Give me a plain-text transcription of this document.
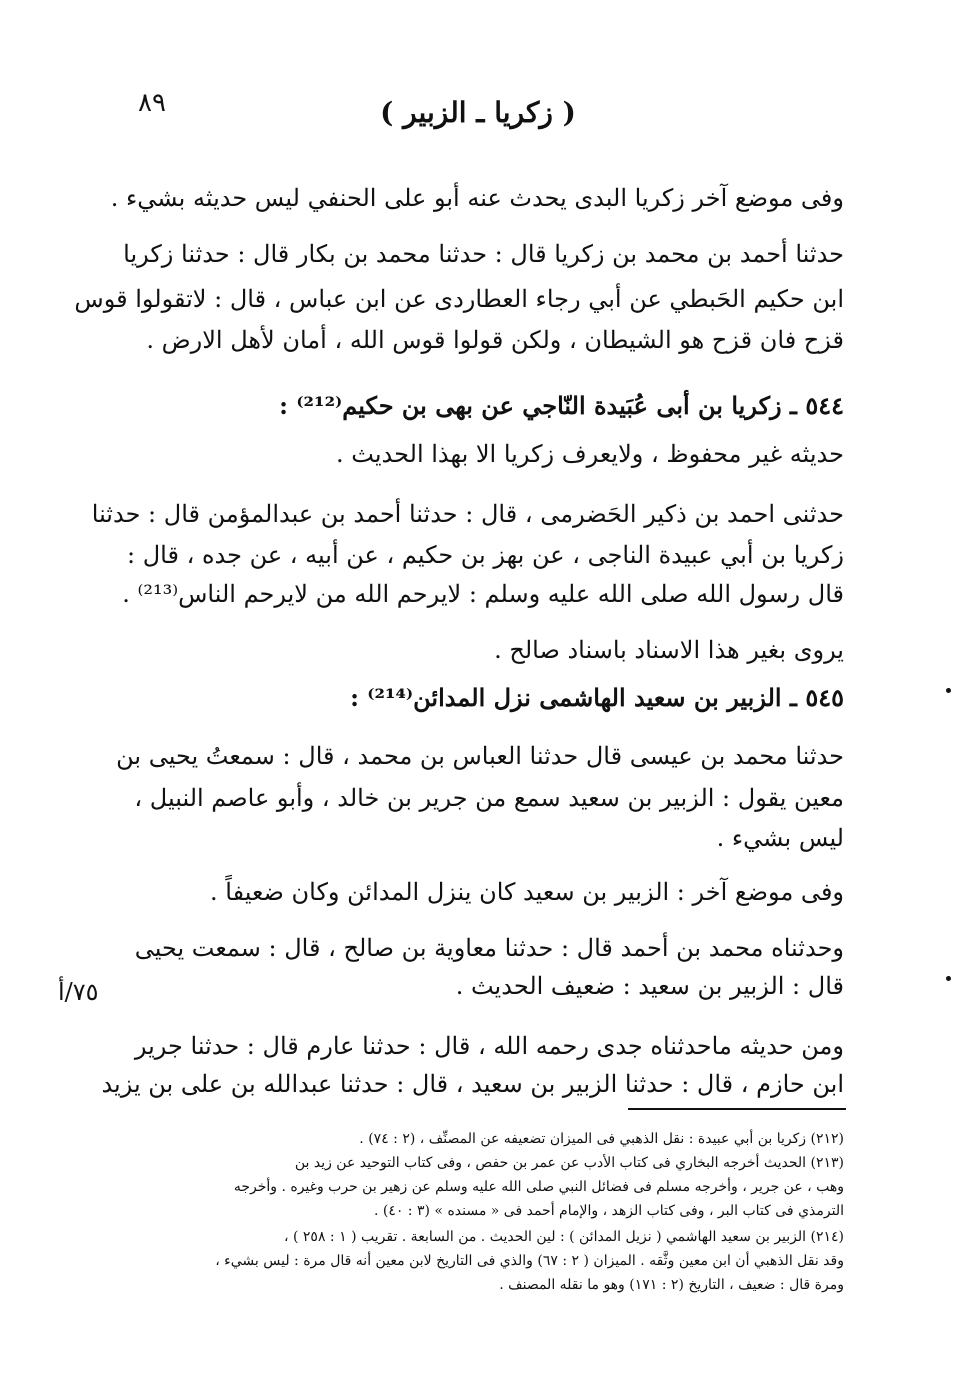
٨٩	( زكريا ـ الزبير )
وفى موضع آخر زكريا البدى يحدث عنه أبو على الحنفي ليس حديثه بشيء .
حدثنا أحمد بن محمد بن زكريا قال : حدثنا محمد بن بكار قال : حدثنا زكريا
ابن حكيم الحَبطي عن أبي رجاء العطاردى عن ابن عباس ، قال : لاتقولوا قوس
قزح فان قزح هو الشيطان ، ولكن قولوا قوس الله ، أمان لأهل الارض .
٥٤٤ ـ زكريا بن أبى عُبَيدة النّاجي عن بهى بن حكيم⁽²¹²⁾ :
حديثه غير محفوظ ، ولايعرف زكريا الا بهذا الحديث .
حدثنى احمد بن ذكير الحَضرمى ، قال : حدثنا أحمد بن عبدالمؤمن قال : حدثنا
زكريا بن أبي عبيدة الناجى ، عن بهز بن حكيم ، عن أبيه ، عن جده ، قال :
قال رسول الله صلى الله عليه وسلم : لايرحم الله من لايرحم الناس⁽²¹³⁾ .
يروى بغير هذا الاسناد باسناد صالح .
٥٤٥ ـ الزبير بن سعيد الهاشمى نزل المدائن⁽²¹⁴⁾ :
حدثنا محمد بن عيسى قال حدثنا العباس بن محمد ، قال : سمعتُ يحيى بن
معين يقول : الزبير بن سعيد سمع من جرير بن خالد ، وأبو عاصم النبيل ،
ليس بشيء .
وفى موضع آخر : الزبير بن سعيد كان ينزل المدائن وكان ضعيفاً .
وحدثناه محمد بن أحمد قال : حدثنا معاوية بن صالح ، قال : سمعت يحيى
قال : الزبير بن سعيد : ضعيف الحديث .
٧٥/أ
ومن حديثه ماحدثناه جدى رحمه الله ، قال : حدثنا عارم قال : حدثنا جرير
ابن حازم ، قال : حدثنا الزبير بن سعيد ، قال : حدثنا عبدالله بن على بن يزيد
(٢١٢) زكريا بن أبي عبيدة : نقل الذهبي فى الميزان تضعيفه عن المصنِّف ، (٢ : ٧٤) .
(٢١٣) الحديث أخرجه البخاري فى كتاب الأدب عن عمر بن حفص ، وفى كتاب التوحيد عن زيد بن
وهب ، عن جرير ، وأخرجه مسلم فى فضائل النبي صلى الله عليه وسلم عن زهير بن حرب وغيره . وأخرجه
الترمذي فى كتاب البر ، وفى كتاب الزهد ، والإمام أحمد فى « مسنده » (٣ : ٤٠) .
(٢١٤) الزبير بن سعيد الهاشمي ( نزيل المدائن ) : لين الحديث . من السابعة . تقريب ( ١ : ٢٥٨ ) ،
وقد نقل الذهبي أن ابن معين وثَّقه . الميزان ( ٢ : ٦٧) والذي فى التاريخ لابن معين أنه قال مرة : ليس بشيء ،
ومرة قال : ضعيف ، التاريخ (٢ : ١٧١) وهو ما نقله المصنف .
